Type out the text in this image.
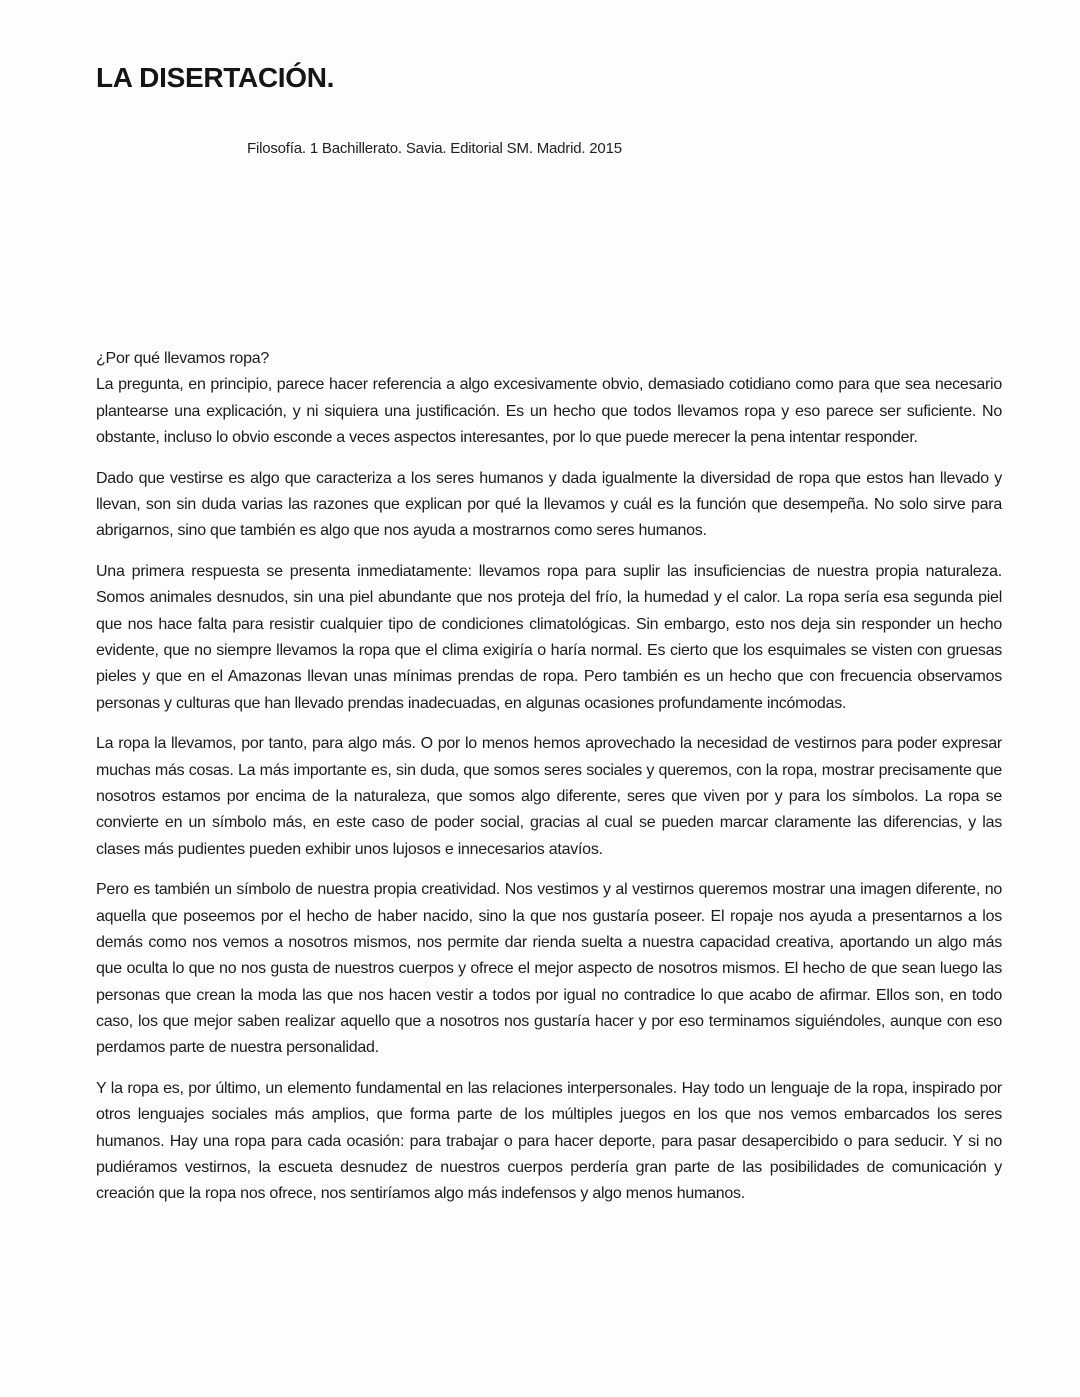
LA DISERTACIÓN.

Filosofía. 1 Bachillerato. Savia. Editorial SM. Madrid. 2015

¿Por qué llevamos ropa?

La pregunta, en principio, parece hacer referencia a algo excesivamente obvio, demasiado cotidiano como para que sea necesario plantearse una explicación, y ni siquiera una justificación. Es un hecho que todos llevamos ropa y eso parece ser suficiente. No obstante, incluso lo obvio esconde a veces aspectos interesantes, por lo que puede merecer la pena intentar responder.

Dado que vestirse es algo que caracteriza a los seres humanos y dada igualmente la diversidad de ropa que estos han llevado y llevan, son sin duda varias las razones que explican por qué la llevamos y cuál es la función que desempeña. No solo sirve para abrigarnos, sino que también es algo que nos ayuda a mostrarnos como seres humanos.

Una primera respuesta se presenta inmediatamente: llevamos ropa para suplir las insuficiencias de nuestra propia naturaleza. Somos animales desnudos, sin una piel abundante que nos proteja del frío, la humedad y el calor. La ropa sería esa segunda piel que nos hace falta para resistir cualquier tipo de condiciones climatológicas. Sin embargo, esto nos deja sin responder un hecho evidente, que no siempre llevamos la ropa que el clima exigiría o haría normal. Es cierto que los esquimales se visten con gruesas pieles y que en el Amazonas llevan unas mínimas prendas de ropa. Pero también es un hecho que con frecuencia observamos personas y culturas que han llevado prendas inadecuadas, en algunas ocasiones profundamente incómodas.

La ropa la llevamos, por tanto, para algo más. O por lo menos hemos aprovechado la necesidad de vestirnos para poder expresar muchas más cosas. La más importante es, sin duda, que somos seres sociales y queremos, con la ropa, mostrar precisamente que nosotros estamos por encima de la naturaleza, que somos algo diferente, seres que viven por y para los símbolos. La ropa se convierte en un símbolo más, en este caso de poder social, gracias al cual se pueden marcar claramente las diferencias, y las clases más pudientes pueden exhibir unos lujosos e innecesarios atavíos.

Pero es también un símbolo de nuestra propia creatividad. Nos vestimos y al vestirnos queremos mostrar una imagen diferente, no aquella que poseemos por el hecho de haber nacido, sino la que nos gustaría poseer. El ropaje nos ayuda a presentarnos a los demás como nos vemos a nosotros mismos, nos permite dar rienda suelta a nuestra capacidad creativa, aportando un algo más que oculta lo que no nos gusta de nuestros cuerpos y ofrece el mejor aspecto de nosotros mismos. El hecho de que sean luego las personas que crean la moda las que nos hacen vestir a todos por igual no contradice lo que acabo de afirmar. Ellos son, en todo caso, los que mejor saben realizar aquello que a nosotros nos gustaría hacer y por eso terminamos siguiéndoles, aunque con eso perdamos parte de nuestra personalidad.

Y la ropa es, por último, un elemento fundamental en las relaciones interpersonales. Hay todo un lenguaje de la ropa, inspirado por otros lenguajes sociales más amplios, que forma parte de los múltiples juegos en los que nos vemos embarcados los seres humanos. Hay una ropa para cada ocasión: para trabajar o para hacer deporte, para pasar desapercibido o para seducir. Y si no pudiéramos vestirnos, la escueta desnudez de nuestros cuerpos perdería gran parte de las posibilidades de comunicación y creación que la ropa nos ofrece, nos sentiríamos algo más indefensos y algo menos humanos.
